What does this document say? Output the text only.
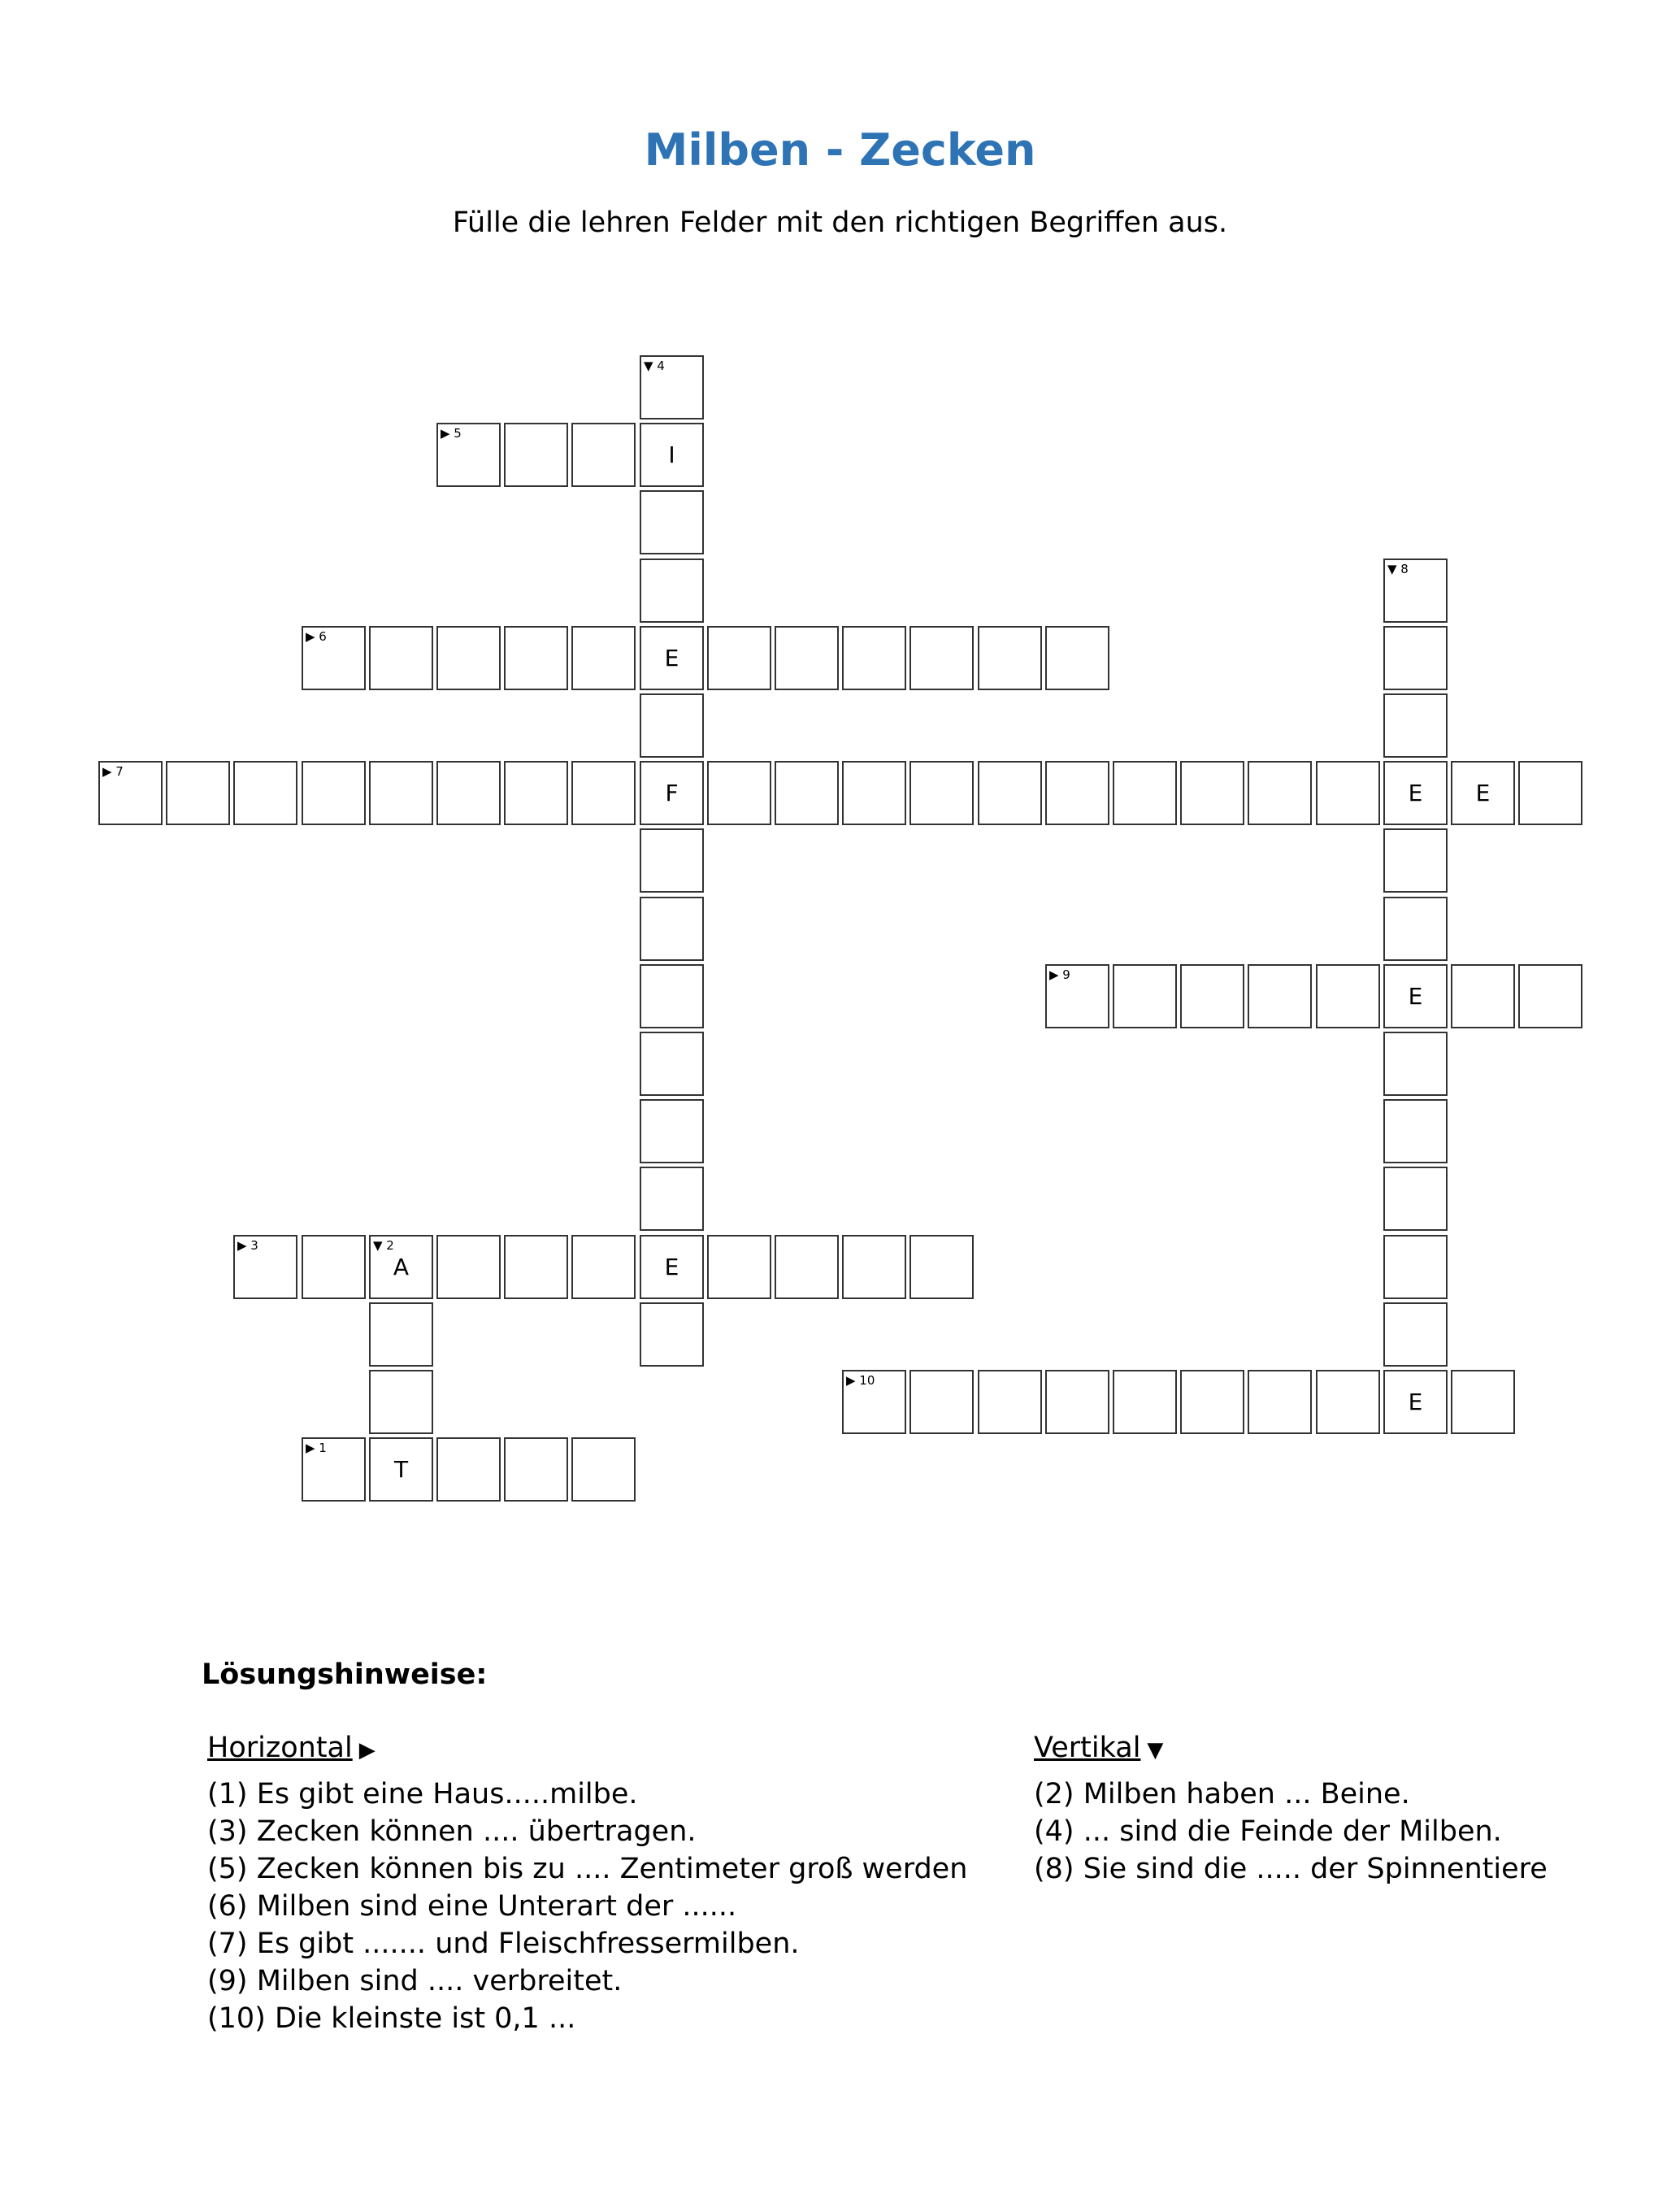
Milben - Zecken
Fülle die lehren Felder mit den richtigen Begriffen aus.
▶ 1
T
▼ 2
A
▶ 3
E
▼ 4
I
E
F
▶ 5
▶ 6
▶ 7
E	E
▼ 8
E
▶ 9
▶ 10
E
Lösungshinweise:
Horizontal ▶
(1) Es gibt eine Haus.....milbe.
(3) Zecken können .... übertragen.
(5) Zecken können bis zu .... Zentimeter groß werden
(6) Milben sind eine Unterart der ......
(7) Es gibt ....... und Fleischfressermilben.
(9) Milben sind .... verbreitet.
(10) Die kleinste ist 0,1 ...
Vertikal ▼
(2) Milben haben ... Beine.
(4) ... sind die Feinde der Milben.
(8) Sie sind die ..... der Spinnentiere
